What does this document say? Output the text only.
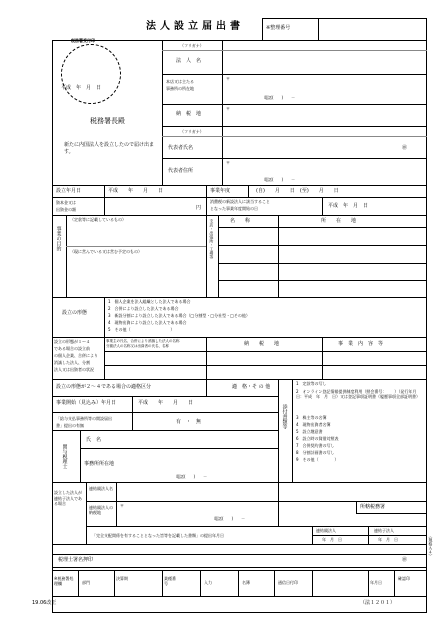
税務署受付印
法人設立届出書	※整理番号
平成　年　月　日
税務署長殿
新たに内国法人を設立したので届け出ます。
（フリガナ）
法　人　名
本店又は主たる
事務所の所在地
〒
電話(　　)　　－
納　税　地
〒
（フリガナ）
代表者氏名	㊞
代表者住所
〒
電話(　　)　　－
設立年月日	平成　　年　　月　　日	事業年度	(自)　　月　　日　(至)　　月　　日
資本金又は
出資金の額	円
消費税の新設法人に該当すること
となった事業年度開始の日	平成　年　月　日
事業の目的
（定款等に記載しているもの）
（現に営んでいる又は営む予定のもの）	支店・出張所・工場等	名　　称	所　　在　　地
設立の形態
1　個人企業を法人組織とした法人である場合
2　合併により設立した法人である場合
3　新設分割により設立した法人である場合（□分割型・□分社型・□その他）
4　現物出資により設立した法人である場合
5　その他（　　　　　　　　　　）
設立の形態が１～４
である場合の設立前
の個人企業、合併により
消滅した法人、分割
法人又は出資者の状況
事業主の氏名、合併により消滅した法人の名称
分割法人の名称又は出資者の氏名、名称	納　　税　　地	事　業　内　容　等
設立の形態が２～４である場合の適格区分	適　格・そ の 他
事業開始（見込み）年月日	平成　　年　　月　　日
「給与支払事務所等の開設届出
書」提出の有無
有　・　無
関与税理士
氏　名
事務所所在地
電話(　　)　　－
添付書類等
1　定款等の写し
2　オンライン登記情報提供制度利用（照会番号：　　）（発行年月日：平成　年　月　日）又は登記事項証明書（履歴事項全部証明書）
3　株主等の名簿
4　現物出資者名簿
5　設立趣意書
6　設立時の貸借対照表
7　合併契約書の写し
8　分割計画書の写し
9　その他（　　　　）
設立した法人が連結子法人である場合
連結親法人名
連結親法人の納税地
〒
電話(　　)　　－
所轄税務署
連結親法人	連結子法人
年　月　日	年　月　日
「完全支配関係を有することとなった旨等を記載した書類」の提出年月日
税理士署名押印	㊞
※税務署処理欄	部門
決算期	業種番号	入力	名簿	通信日付印	年月日
確認印
（規格Ａ４）
19.06改正	（法１２０１）
